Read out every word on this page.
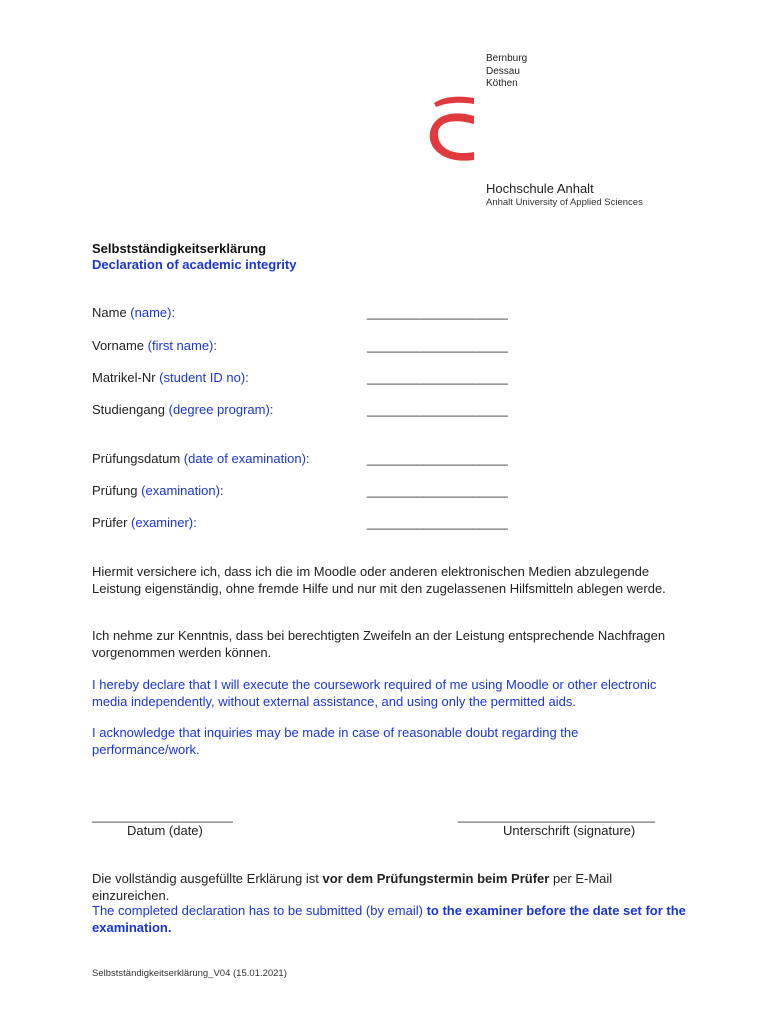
Bernburg
Dessau
Köthen
Hochschule Anhalt
Anhalt University of Applied Sciences
Selbstständigkeitserklärung
Declaration of academic integrity
Name (name):	____________________
Vorname (first name):	____________________
Matrikel-Nr (student ID no):	____________________
Studiengang (degree program):	____________________
Prüfungsdatum (date of examination):	____________________
Prüfung (examination):	____________________
Prüfer (examiner):	____________________
Hiermit versichere ich, dass ich die im Moodle oder anderen elektronischen Medien abzulegende Leistung eigenständig, ohne fremde Hilfe und nur mit den zugelassenen Hilfsmitteln ablegen werde.
Ich nehme zur Kenntnis, dass bei berechtigten Zweifeln an der Leistung entsprechende Nachfragen vorgenommen werden können.
I hereby declare that I will execute the coursework required of me using Moodle or other electronic media independently, without external assistance, and using only the permitted aids.
I acknowledge that inquiries may be made in case of reasonable doubt regarding the performance/work.
____________________
Datum (date)
____________________________
Unterschrift (signature)
Die vollständig ausgefüllte Erklärung ist vor dem Prüfungstermin beim Prüfer per E-Mail einzureichen.
The completed declaration has to be submitted (by email) to the examiner before the date set for the examination.
Selbstständigkeitserklärung_V04 (15.01.2021)
